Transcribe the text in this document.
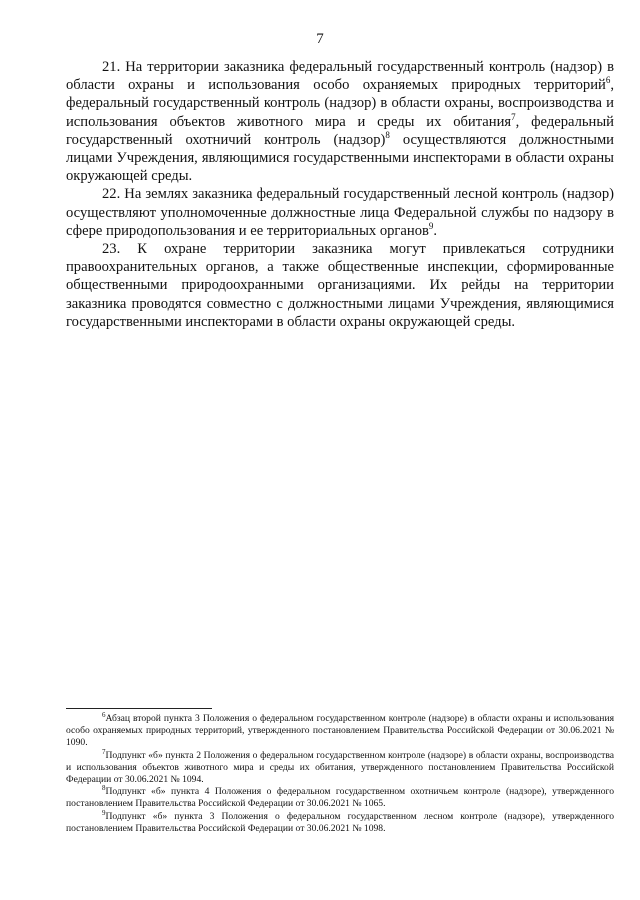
7

21. На территории заказника федеральный государственный контроль (надзор) в области охраны и использования особо охраняемых природных территорий$^6$, федеральный государственный контроль (надзор) в области охраны, воспроизводства и использования объектов животного мира и среды их обитания$^7$, федеральный государственный охотничий контроль (надзор)$^8$ осуществляются должностными лицами Учреждения, являющимися государственными инспекторами в области охраны окружающей среды.

22. На землях заказника федеральный государственный лесной контроль (надзор) осуществляют уполномоченные должностные лица Федеральной службы по надзору в сфере природопользования и ее территориальных органов$^9$.

23. К охране территории заказника могут привлекаться сотрудники правоохранительных органов, а также общественные инспекции, сформированные общественными природоохранными организациями. Их рейды на территории заказника проводятся совместно с должностными лицами Учреждения, являющимися государственными инспекторами в области охраны окружающей среды.

$^6$Абзац второй пункта 3 Положения о федеральном государственном контроле (надзоре) в области охраны и использования особо охраняемых природных территорий, утвержденного постановлением Правительства Российской Федерации от 30.06.2021 № 1090.

$^7$Подпункт «б» пункта 2 Положения о федеральном государственном контроле (надзоре) в области охраны, воспроизводства и использования объектов животного мира и среды их обитания, утвержденного постановлением Правительства Российской Федерации от 30.06.2021 № 1094.

$^8$Подпункт «б» пункта 4 Положения о федеральном государственном охотничьем контроле (надзоре), утвержденного постановлением Правительства Российской Федерации от 30.06.2021 № 1065.

$^9$Подпункт «б» пункта 3 Положения о федеральном государственном лесном контроле (надзоре), утвержденного постановлением Правительства Российской Федерации от 30.06.2021 № 1098.
